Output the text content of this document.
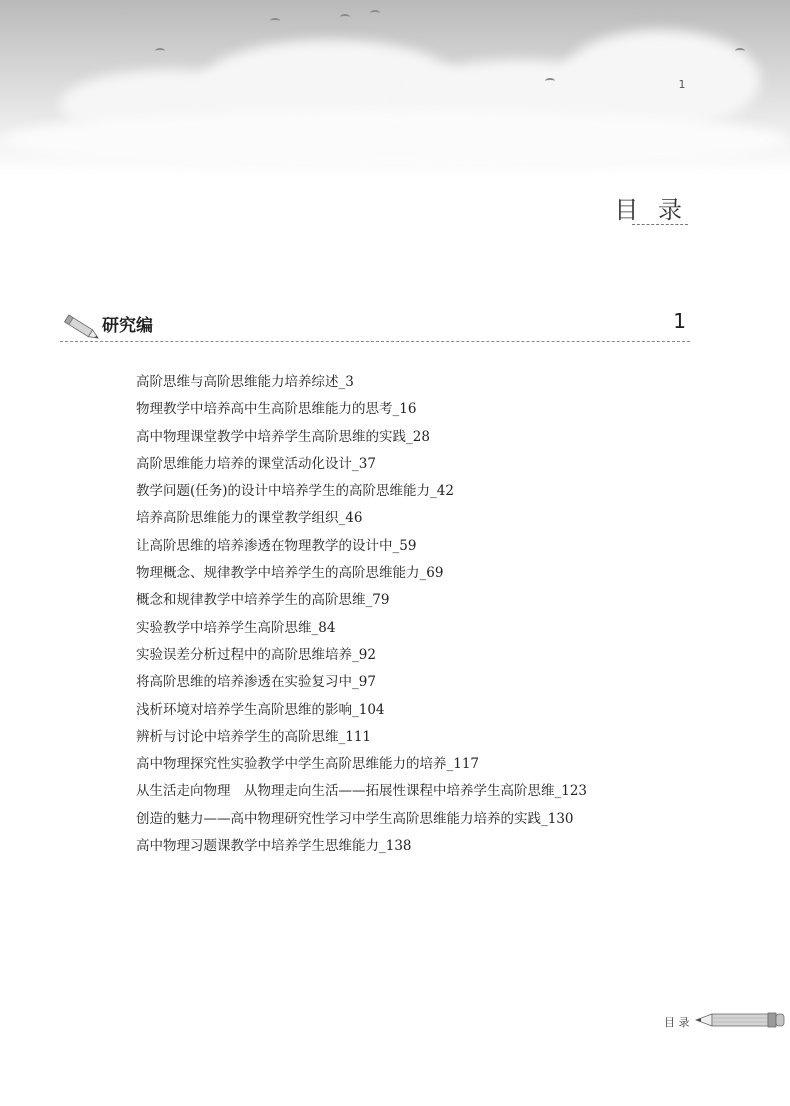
1
目 录
研究编	1
高阶思维与高阶思维能力培养综述_3
物理教学中培养高中生高阶思维能力的思考_16
高中物理课堂教学中培养学生高阶思维的实践_28
高阶思维能力培养的课堂活动化设计_37
教学问题(任务)的设计中培养学生的高阶思维能力_42
培养高阶思维能力的课堂教学组织_46
让高阶思维的培养渗透在物理教学的设计中_59
物理概念、规律教学中培养学生的高阶思维能力_69
概念和规律教学中培养学生的高阶思维_79
实验教学中培养学生高阶思维_84
实验误差分析过程中的高阶思维培养_92
将高阶思维的培养渗透在实验复习中_97
浅析环境对培养学生高阶思维的影响_104
辨析与讨论中培养学生的高阶思维_111
高中物理探究性实验教学中学生高阶思维能力的培养_117
从生活走向物理　从物理走向生活——拓展性课程中培养学生高阶思维_123
创造的魅力——高中物理研究性学习中学生高阶思维能力培养的实践_130
高中物理习题课教学中培养学生思维能力_138
目 录
